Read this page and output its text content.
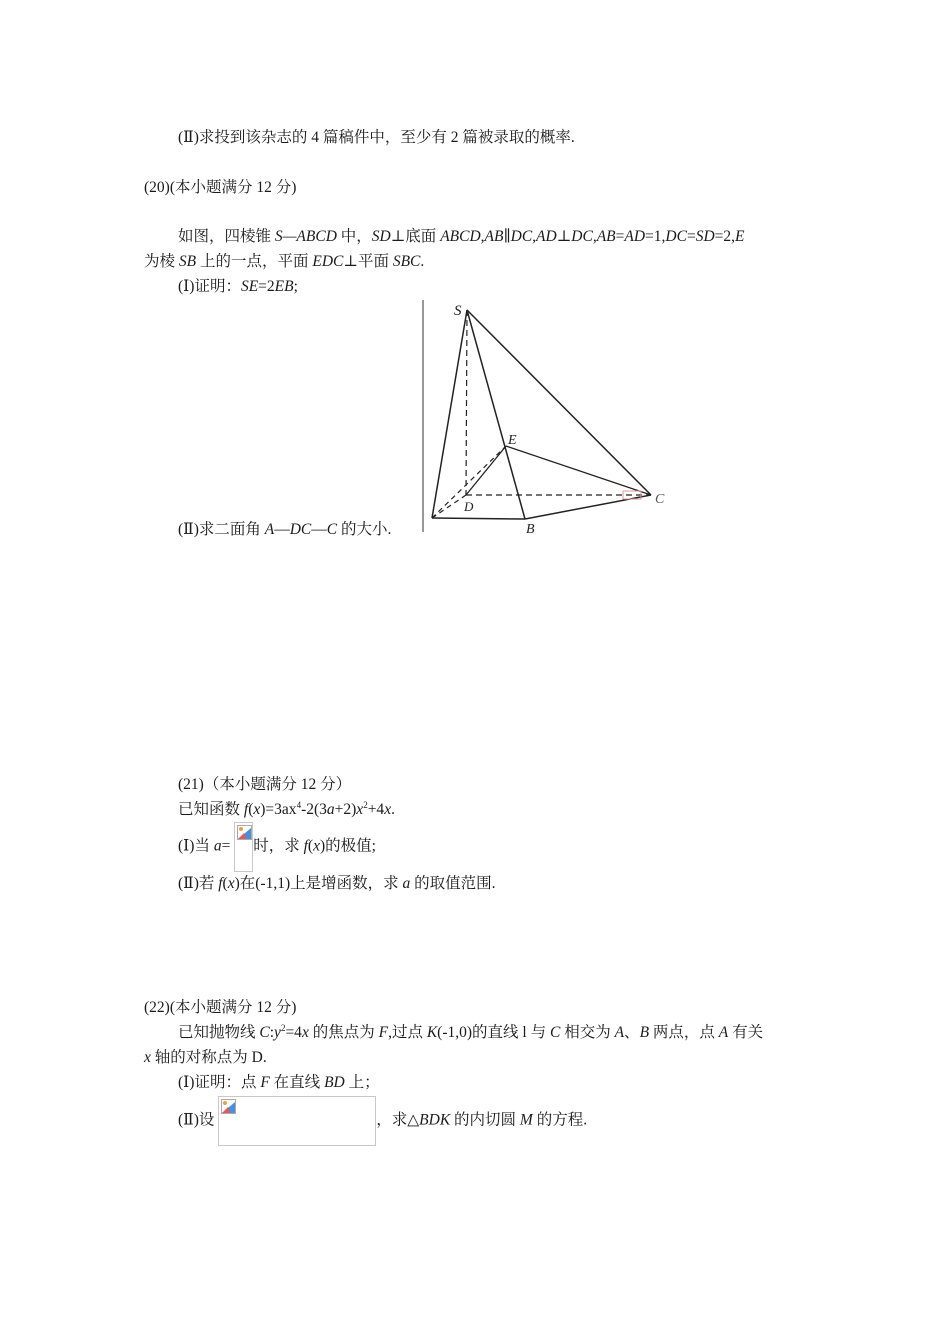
(Ⅱ)求投到该杂志的 4 篇稿件中，至少有 2 篇被录取的概率.
(20)(本小题满分 12 分)
如图，四棱锥 S—ABCD 中，SD⊥底面 ABCD,AB∥DC,AD⊥DC,AB=AD=1,DC=SD=2,E
为棱 SB 上的一点，平面 EDC⊥平面 SBC.
(Ⅰ)证明：SE=2EB;
S
E
D
B
C
(Ⅱ)求二面角 A—DC—C 的大小.
(21)（本小题满分 12 分）
已知函数 $f(x)=3ax^4-2(3a+2)x^2+4x$.
(Ⅰ)当 a= 时，求 f(x)的极值;
(Ⅱ)若 f(x)在(-1,1)上是增函数，求 a 的取值范围.
(22)(本小题满分 12 分)
已知抛物线 $C:y^2=4x$ 的焦点为 F,过点 K(-1,0)的直线 l 与 C 相交为 A、B 两点，点 A 有关
x 轴的对称点为 D.
(Ⅰ)证明：点 F 在直线 BD 上；
(Ⅱ)设	，求△BDK 的内切圆 M 的方程.
